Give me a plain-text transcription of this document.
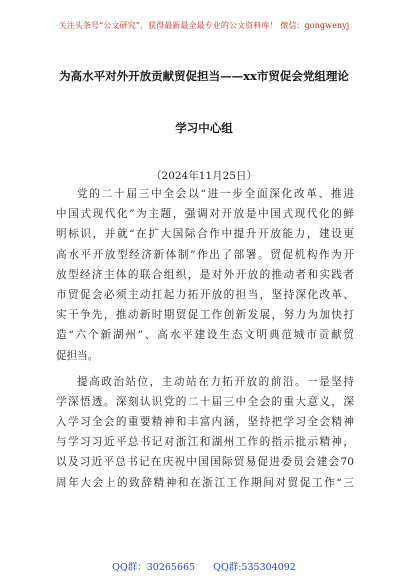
关注头条号“公文研究”，获得最新最全最专业的公文资料库！ 微信：gongwenyj
为高水平对外开放贡献贸促担当——xx市贸促会党组理论
学习中心组
（2024年11月25日）
党的二十届三中全会以“进一步全面深化改革、推进
中国式现代化”为主题，强调对开放是中国式现代化的鲜
明标识，并就“在扩大国际合作中提升开放能力，建设更
高水平开放型经济新体制”作出了部署。贸促机构作为开
放型经济主体的联合组织，是对外开放的推动者和实践者
市贸促会必须主动扛起力拓开放的担当，坚持深化改革、
实干争先，推动新时期贸促工作创新发展，努力为加快打
造“六个新湖州”、高水平建设生态文明典范城市贡献贸
促担当。
提高政治站位，主动站在力拓开放的前沿。一是坚持
学深悟透。深刻认识党的二十届三中全会的重大意义，深
入学习全会的重要精神和丰富内涵，坚持把学习全会精神
与学习习近平总书记对浙江和湖州工作的指示批示精神，
以及习近平总书记在庆祝中国国际贸易促进委员会建会70
周年大会上的致辞精神和在浙江工作期间对贸促工作“三
QQ群：30265665 QQ群:535304092
